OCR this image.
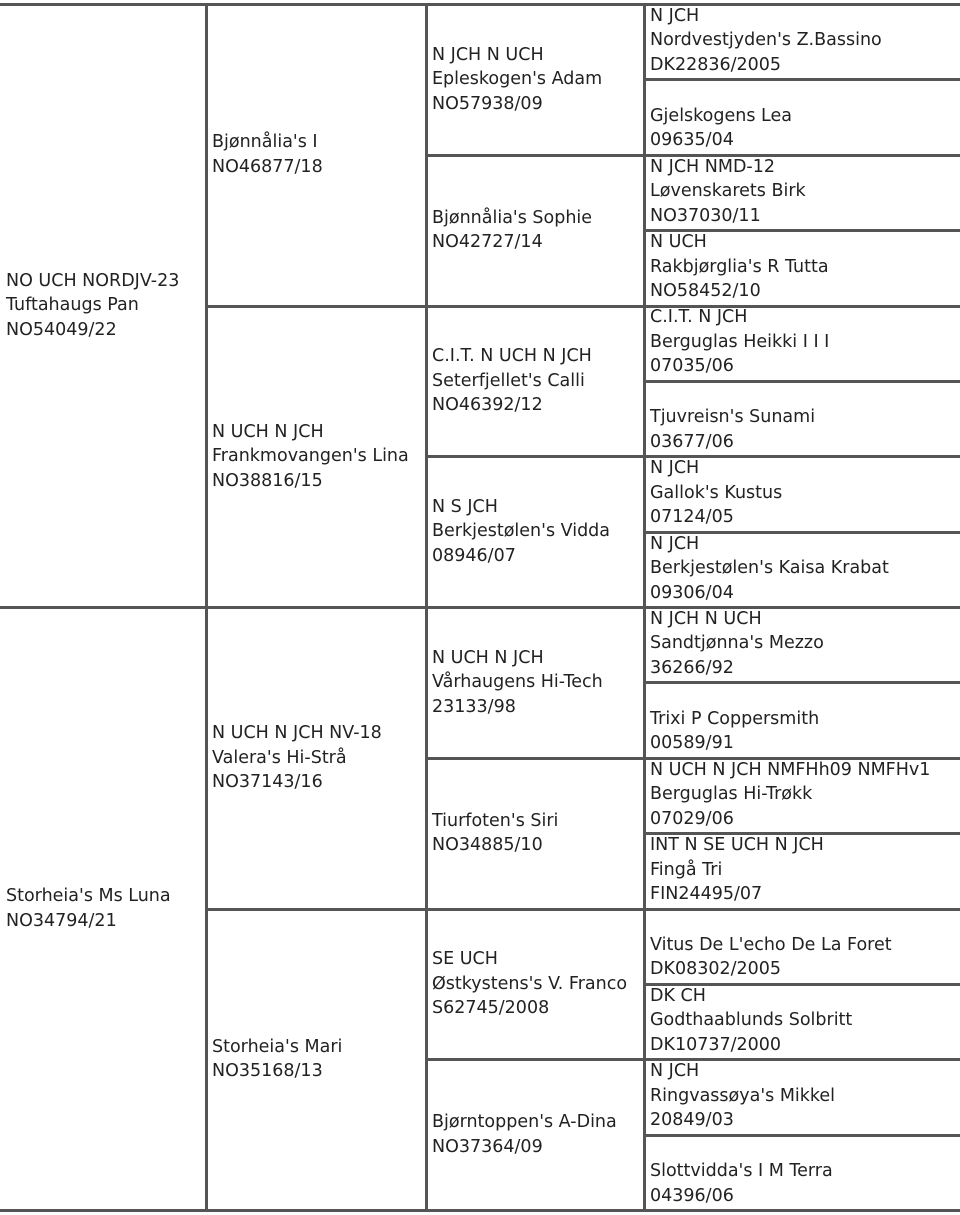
NO UCH NORDJV-23
Tuftahaugs Pan
NO54049/22
Storheia's Ms Luna
NO34794/21
Bjønnålia's I
NO46877/18
N UCH N JCH
Frankmovangen's Lina
NO38816/15
N UCH N JCH NV-18
Valera's Hi-Strå
NO37143/16
Storheia's Mari
NO35168/13
N JCH N UCH
Epleskogen's Adam
NO57938/09
Bjønnålia's Sophie
NO42727/14
C.I.T. N UCH N JCH
Seterfjellet's Calli
NO46392/12
N S JCH
Berkjestølen's Vidda
08946/07
N UCH N JCH
Vårhaugens Hi-Tech
23133/98
Tiurfoten's Siri
NO34885/10
SE UCH
Østkystens's V. Franco
S62745/2008
Bjørntoppen's A-Dina
NO37364/09
N JCH
Nordvestjyden's Z.Bassino
DK22836/2005
Gjelskogens Lea
09635/04
N JCH NMD-12
Løvenskarets Birk
NO37030/11
N UCH
Rakbjørglia's R Tutta
NO58452/10
C.I.T. N JCH
Berguglas Heikki I I I
07035/06
Tjuvreisn's Sunami
03677/06
N JCH
Gallok's Kustus
07124/05
N JCH
Berkjestølen's Kaisa Krabat
09306/04
N JCH N UCH
Sandtjønna's Mezzo
36266/92
Trixi P Coppersmith
00589/91
N UCH N JCH NMFHh09 NMFHv1
Berguglas Hi-Trøkk
07029/06
INT N SE UCH N JCH
Fingå Tri
FIN24495/07
Vitus De L'echo De La Foret
DK08302/2005
DK CH
Godthaablunds Solbritt
DK10737/2000
N JCH
Ringvassøya's Mikkel
20849/03
Slottvidda's I M Terra
04396/06
